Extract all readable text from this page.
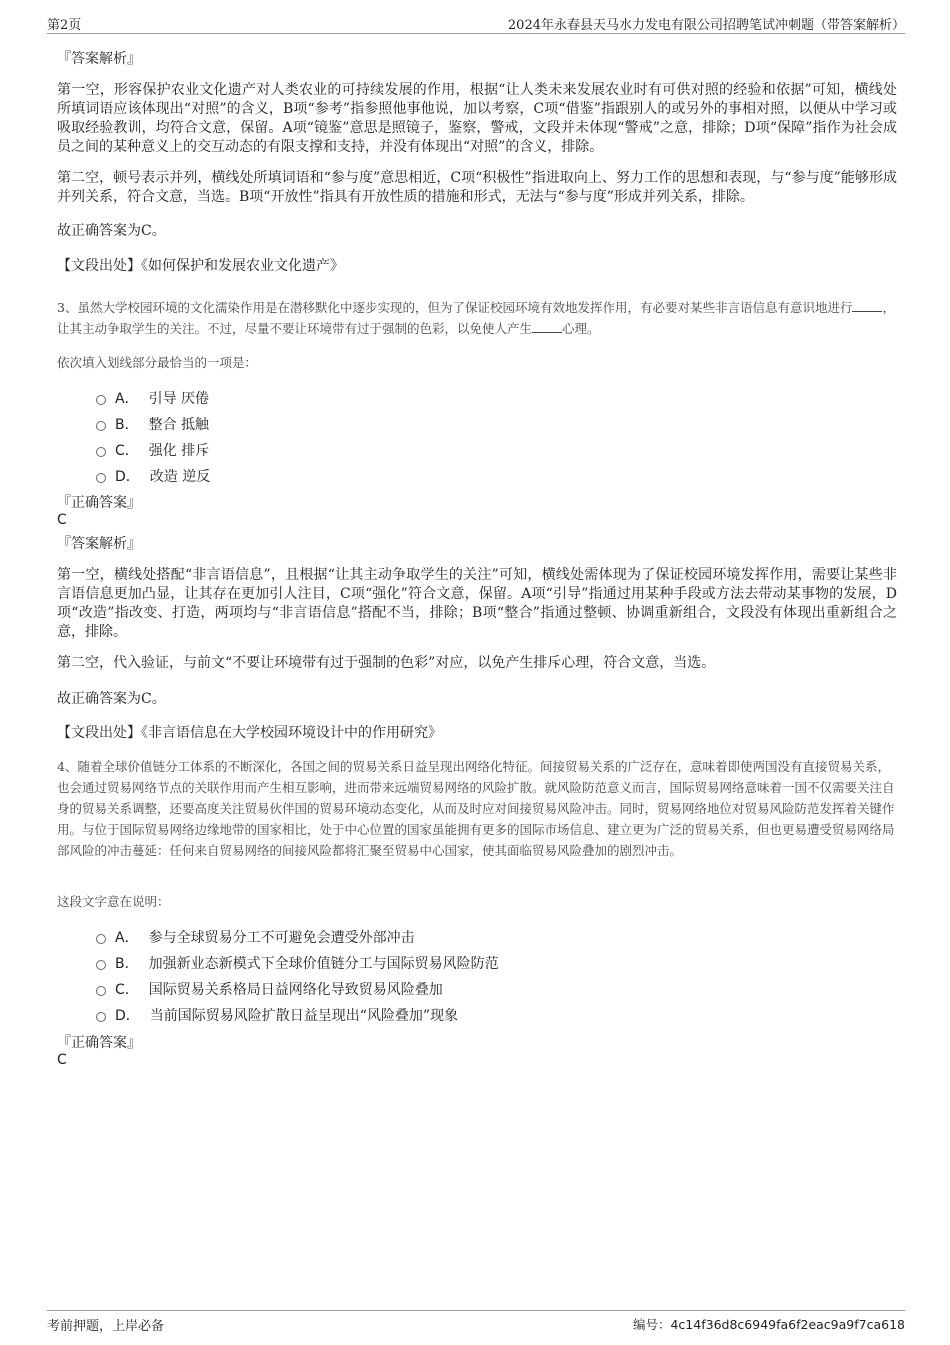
第2页	2024年永春县天马水力发电有限公司招聘笔试冲刺题（带答案解析）
『答案解析』
第一空，形容保护农业文化遗产对人类农业的可持续发展的作用，根据“让人类未来发展农业时有可供对照的经验和依据”可知，横线处所填词语应该体现出“对照”的含义，B项“参考”指参照他事他说，加以考察，C项“借鉴”指跟别人的或另外的事相对照，以便从中学习或吸取经验教训，均符合文意，保留。A项“镜鉴”意思是照镜子，鉴察，警戒，文段并未体现“警戒”之意，排除；D项“保障”指作为社会成员之间的某种意义上的交互动态的有限支撑和支持，并没有体现出“对照”的含义，排除。
第二空，顿号表示并列，横线处所填词语和“参与度”意思相近，C项“积极性”指进取向上、努力工作的思想和表现，与“参与度”能够形成并列关系，符合文意，当选。B项“开放性”指具有开放性质的措施和形式，无法与“参与度”形成并列关系，排除。
故正确答案为C。
【文段出处】《如何保护和发展农业文化遗产》
3、虽然大学校园环境的文化濡染作用是在潜移默化中逐步实现的，但为了保证校园环境有效地发挥作用，有必要对某些非言语信息有意识地进行 ，让其主动争取学生的关注。不过，尽量不要让环境带有过于强制的色彩，以免使人产生 心理。
依次填入划线部分最恰当的一项是：
A． 引导 厌倦
B． 整合 抵触
C． 强化 排斥
D． 改造 逆反
『正确答案』
C
『答案解析』
第一空，横线处搭配“非言语信息”，且根据“让其主动争取学生的关注”可知，横线处需体现为了保证校园环境发挥作用，需要让某些非言语信息更加凸显，让其存在更加引人注目，C项“强化”符合文意，保留。A项“引导”指通过用某种手段或方法去带动某事物的发展，D项“改造”指改变、打造，两项均与“非言语信息”搭配不当，排除；B项“整合”指通过整顿、协调重新组合，文段没有体现出重新组合之意，排除。
第二空，代入验证，与前文“不要让环境带有过于强制的色彩”对应，以免产生排斥心理，符合文意，当选。
故正确答案为C。
【文段出处】《非言语信息在大学校园环境设计中的作用研究》
4、随着全球价值链分工体系的不断深化，各国之间的贸易关系日益呈现出网络化特征。间接贸易关系的广泛存在，意味着即使两国没有直接贸易关系，也会通过贸易网络节点的关联作用而产生相互影响，进而带来远端贸易网络的风险扩散。就风险防范意义而言，国际贸易网络意味着一国不仅需要关注自身的贸易关系调整，还要高度关注贸易伙伴国的贸易环境动态变化，从而及时应对间接贸易风险冲击。同时，贸易网络地位对贸易风险防范发挥着关键作用。与位于国际贸易网络边缘地带的国家相比，处于中心位置的国家虽能拥有更多的国际市场信息、建立更为广泛的贸易关系，但也更易遭受贸易网络局部风险的冲击蔓延：任何来自贸易网络的间接风险都将汇聚至贸易中心国家，使其面临贸易风险叠加的剧烈冲击。
这段文字意在说明：
A． 参与全球贸易分工不可避免会遭受外部冲击
B． 加强新业态新模式下全球价值链分工与国际贸易风险防范
C． 国际贸易关系格局日益网络化导致贸易风险叠加
D． 当前国际贸易风险扩散日益呈现出“风险叠加”现象
『正确答案』
C
考前押题，上岸必备	编号：4c14f36d8c6949fa6f2eac9a9f7ca618
